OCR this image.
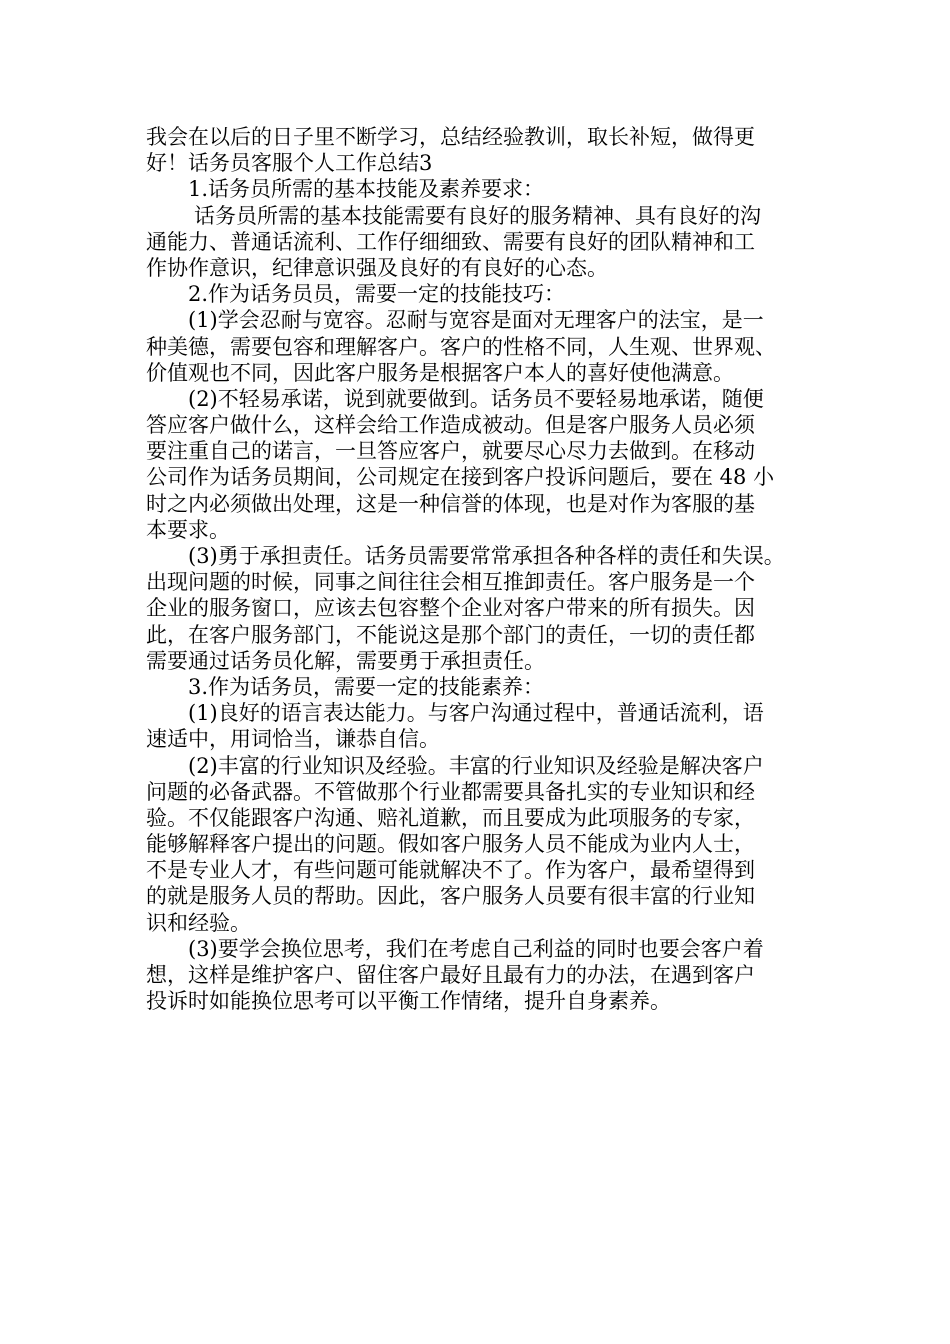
我会在以后的日子里不断学习，总结经验教训，取长补短，做得更
好！话务员客服个人工作总结3
1.话务员所需的基本技能及素养要求：
话务员所需的基本技能需要有良好的服务精神、具有良好的沟
通能力、普通话流利、工作仔细细致、需要有良好的团队精神和工
作协作意识，纪律意识强及良好的有良好的心态。
2.作为话务员员，需要一定的技能技巧：
(1)学会忍耐与宽容。忍耐与宽容是面对无理客户的法宝，是一
种美德，需要包容和理解客户。客户的性格不同，人生观、世界观、
价值观也不同，因此客户服务是根据客户本人的喜好使他满意。
(2)不轻易承诺，说到就要做到。话务员不要轻易地承诺，随便
答应客户做什么，这样会给工作造成被动。但是客户服务人员必须
要注重自己的诺言，一旦答应客户，就要尽心尽力去做到。在移动
公司作为话务员期间，公司规定在接到客户投诉问题后，要在 48 小
时之内必须做出处理，这是一种信誉的体现，也是对作为客服的基
本要求。
(3)勇于承担责任。话务员需要常常承担各种各样的责任和失误。
出现问题的时候，同事之间往往会相互推卸责任。客户服务是一个
企业的服务窗口，应该去包容整个企业对客户带来的所有损失。因
此，在客户服务部门，不能说这是那个部门的责任，一切的责任都
需要通过话务员化解，需要勇于承担责任。
3.作为话务员，需要一定的技能素养：
(1)良好的语言表达能力。与客户沟通过程中，普通话流利，语
速适中，用词恰当，谦恭自信。
(2)丰富的行业知识及经验。丰富的行业知识及经验是解决客户
问题的必备武器。不管做那个行业都需要具备扎实的专业知识和经
验。不仅能跟客户沟通、赔礼道歉，而且要成为此项服务的专家，
能够解释客户提出的问题。假如客户服务人员不能成为业内人士，
不是专业人才，有些问题可能就解决不了。作为客户，最希望得到
的就是服务人员的帮助。因此，客户服务人员要有很丰富的行业知
识和经验。
(3)要学会换位思考，我们在考虑自己利益的同时也要会客户着
想，这样是维护客户、留住客户最好且最有力的办法，在遇到客户
投诉时如能换位思考可以平衡工作情绪，提升自身素养。
